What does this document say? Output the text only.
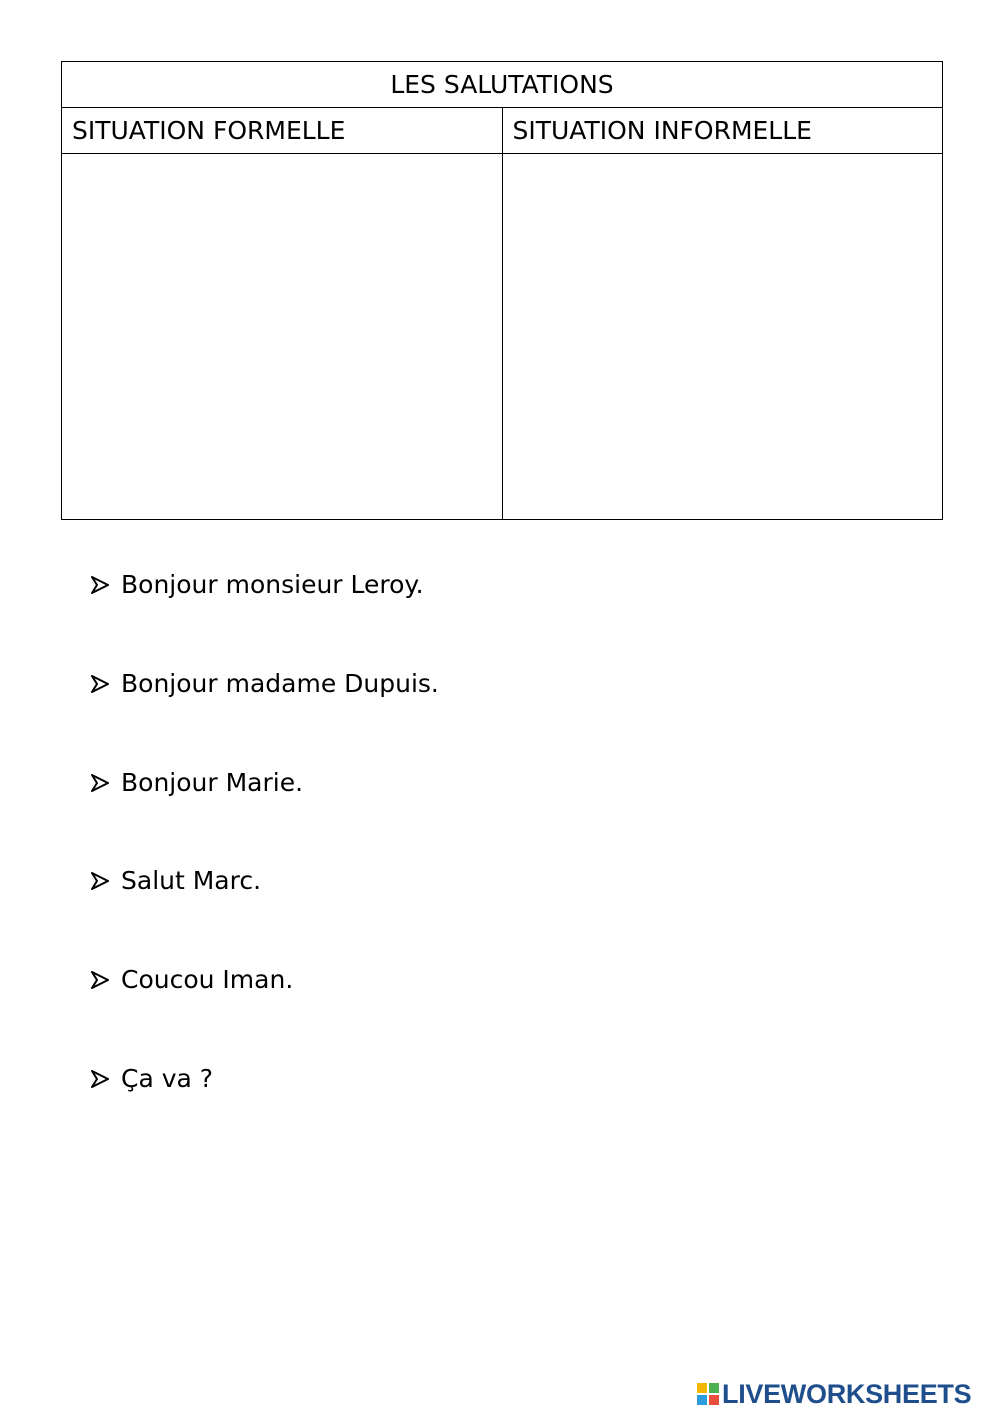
LES SALUTATIONS	
SITUATION FORMELLE	SITUATION INFORMELLE

Bonjour monsieur Leroy.
Bonjour madame Dupuis.
Bonjour Marie.
Salut Marc.
Coucou Iman.
Ça va ?
LIVEWORKSHEETS
